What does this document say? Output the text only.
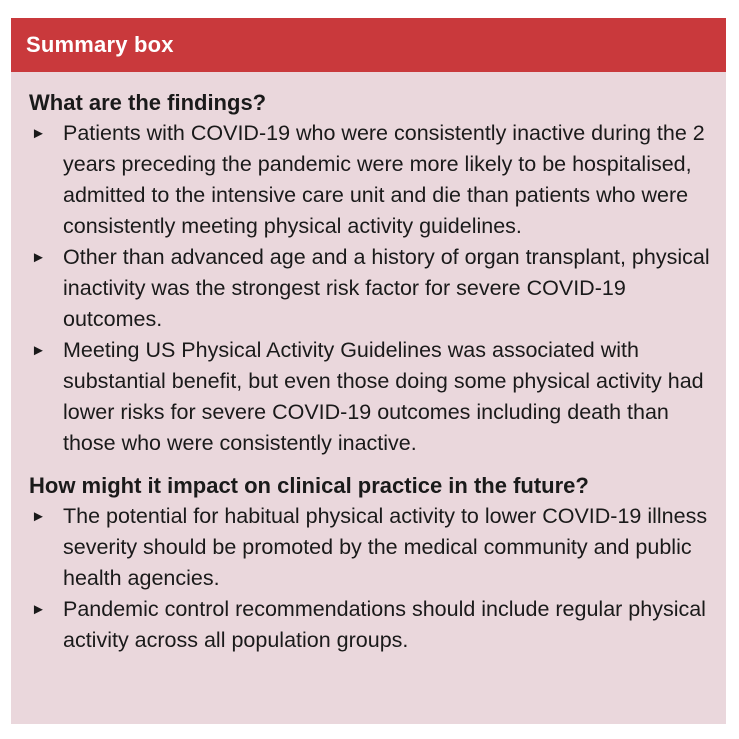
Summary box
What are the findings?
► Patients with COVID-19 who were consistently inactive during the 2 years preceding the pandemic were more likely to be hospitalised, admitted to the intensive care unit and die than patients who were consistently meeting physical activity guidelines.
► Other than advanced age and a history of organ transplant, physical inactivity was the strongest risk factor for severe COVID-19 outcomes.
► Meeting US Physical Activity Guidelines was associated with substantial benefit, but even those doing some physical activity had lower risks for severe COVID-19 outcomes including death than those who were consistently inactive.
How might it impact on clinical practice in the future?
► The potential for habitual physical activity to lower COVID-19 illness severity should be promoted by the medical community and public health agencies.
► Pandemic control recommendations should include regular physical activity across all population groups.
